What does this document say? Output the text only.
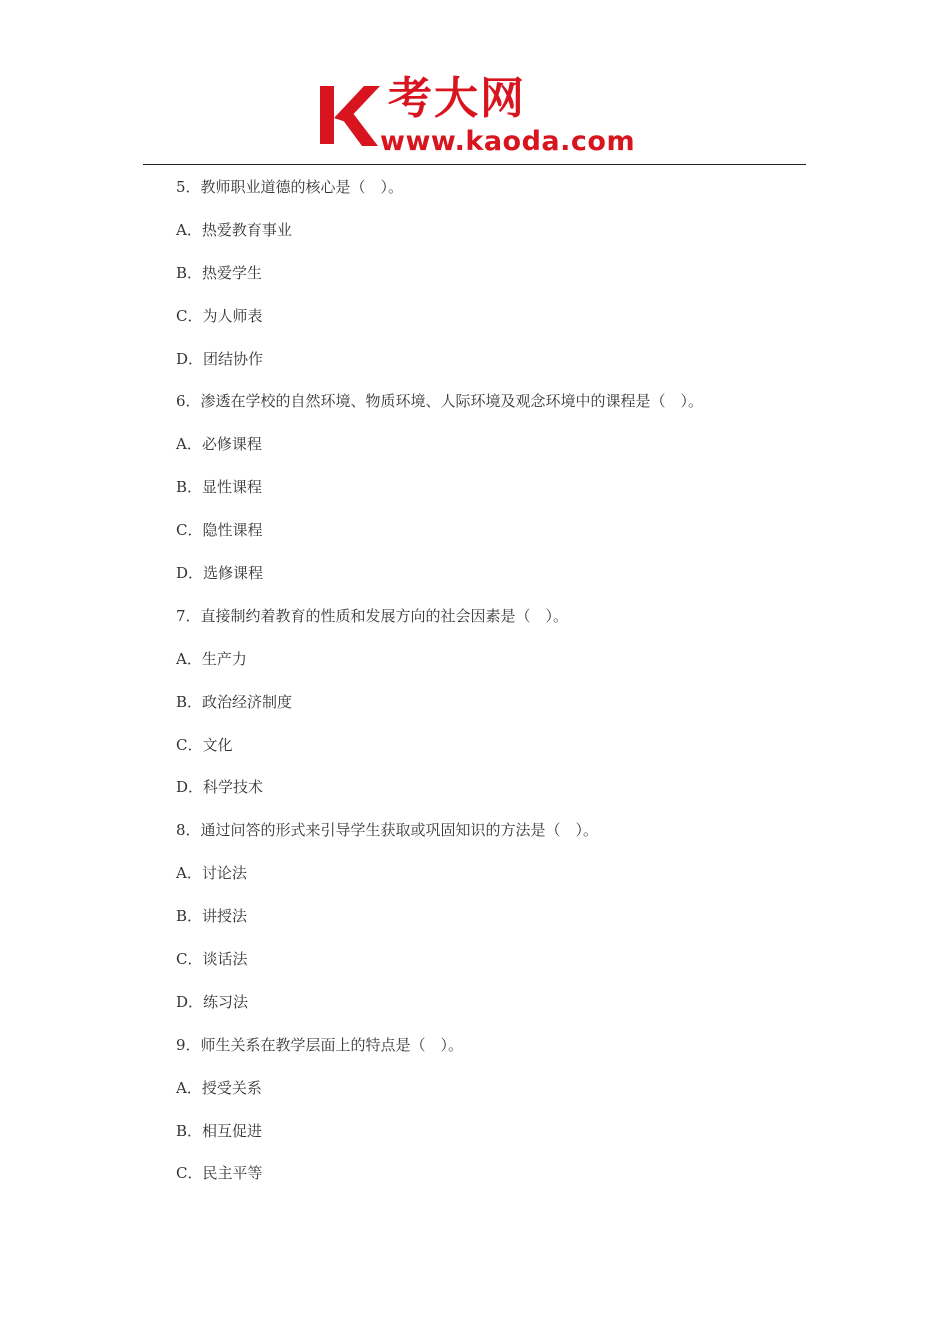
考大网
www.kaoda.com
5．教师职业道德的核心是（　）。
A．热爱教育事业
B．热爱学生
C．为人师表
D．团结协作
6．渗透在学校的自然环境、物质环境、人际环境及观念环境中的课程是（　）。
A．必修课程
B．显性课程
C．隐性课程
D．选修课程
7．直接制约着教育的性质和发展方向的社会因素是（　）。
A．生产力
B．政治经济制度
C．文化
D．科学技术
8．通过问答的形式来引导学生获取或巩固知识的方法是（　）。
A．讨论法
B．讲授法
C．谈话法
D．练习法
9．师生关系在教学层面上的特点是（　）。
A．授受关系
B．相互促进
C．民主平等
